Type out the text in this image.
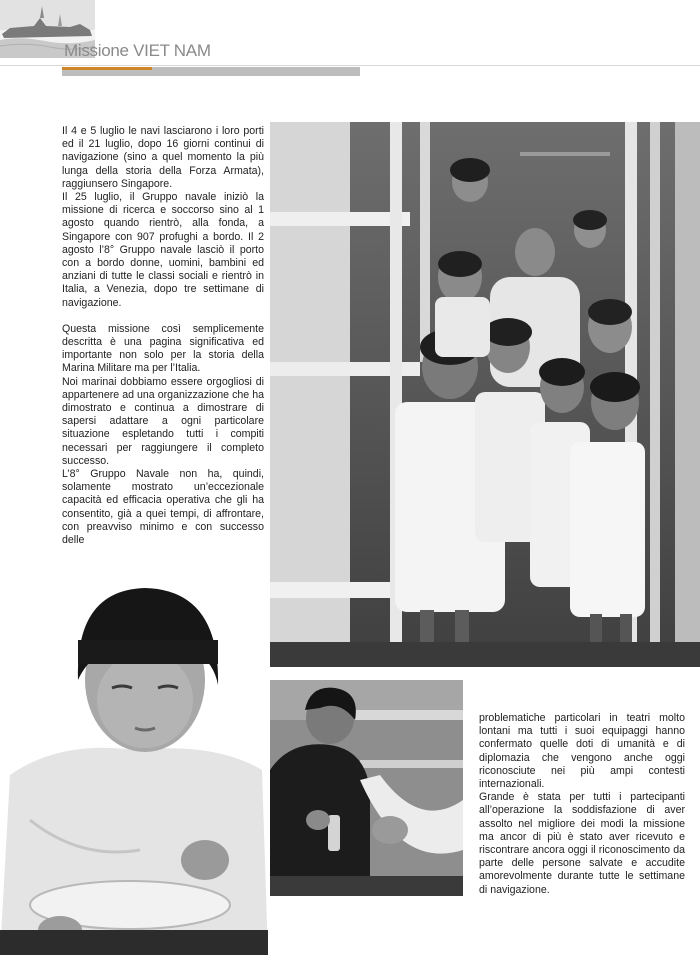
Missione VIET NAM

Il 4 e 5 luglio le navi lasciarono i loro porti ed il 21 luglio, dopo 16 giorni continui di navigazione (sino a quel momento la più lunga della storia della Forza Armata), raggiunsero Singapore.

Il 25 luglio, il Gruppo navale iniziò la missione di ricerca e soccorso sino al 1 agosto quando rientrò, alla fonda, a Singapore con 907 profughi a bordo. Il 2 agosto l’8° Gruppo navale lasciò il porto con a bordo donne, uomini, bambini ed anziani di tutte le classi sociali e rientrò in Italia, a Venezia, dopo tre settimane di navigazione.

Questa missione così semplicemente descritta è una pagina significativa ed importante non solo per la storia della Marina Militare ma per l’Italia.

Noi marinai dobbiamo essere orgogliosi di appartenere ad una organizzazione che ha dimostrato e continua a dimostrare di sapersi adattare a ogni particolare situazione espletando tutti i compiti necessari per raggiungere il completo successo.

L’8° Gruppo Navale non ha, quindi, solamente mostrato un’eccezionale capacità ed efficacia operativa che gli ha consentito, già a quei tempi, di affrontare, con preavviso minimo e con successo delle

problematiche particolari in teatri molto lontani ma tutti i suoi equipaggi hanno confermato quelle doti di umanità e di diplomazia che vengono anche oggi riconosciute nei più ampi contesti internazionali.

Grande è stata per tutti i partecipanti all’operazione la soddisfazione di aver assolto nel migliore dei modi la missione ma ancor di più è stato aver ricevuto e riscontrare ancora oggi il riconoscimento da parte delle persone salvate e accudite amorevolmente durante tutte le settimane di navigazione.
